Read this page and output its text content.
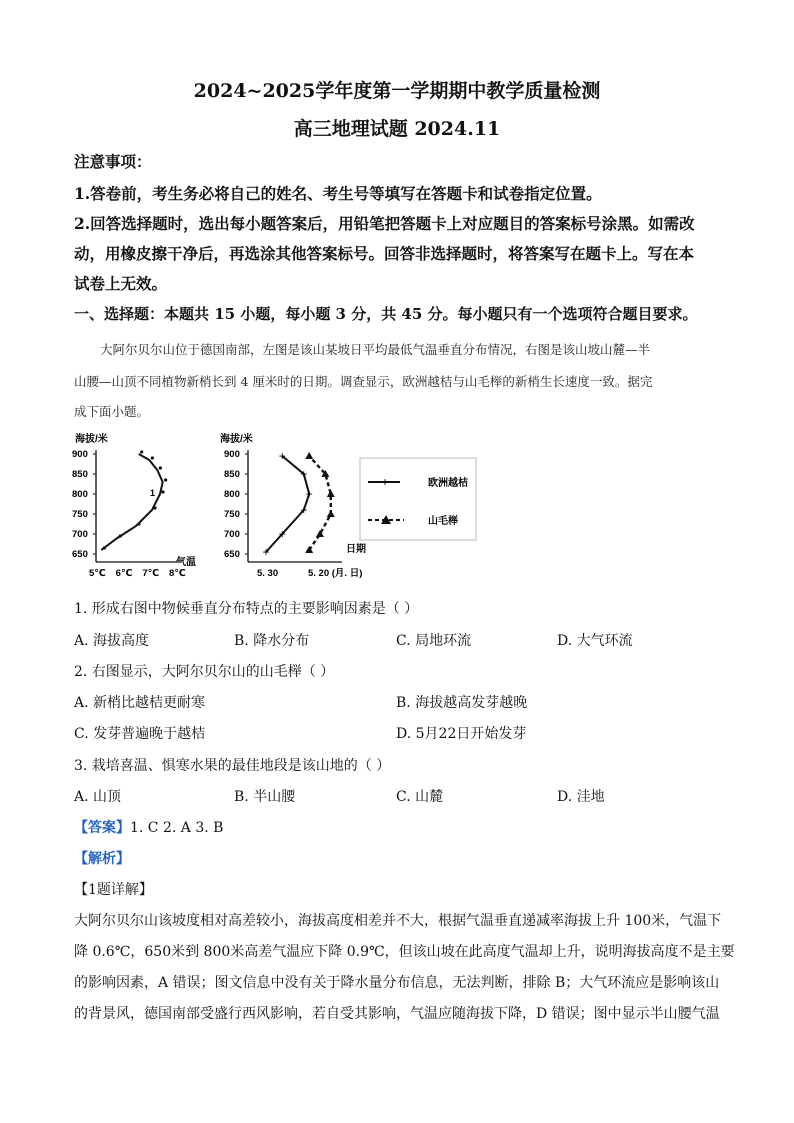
2024~2025学年度第一学期期中教学质量检测
高三地理试题 2024.11
注意事项：
1.答卷前，考生务必将自己的姓名、考生号等填写在答题卡和试卷指定位置。
2.回答选择题时，选出每小题答案后，用铅笔把答题卡上对应题目的答案标号涂黑。如需改
动，用橡皮擦干净后，再选涂其他答案标号。回答非选择题时，将答案写在题卡上。写在本
试卷上无效。
一、选择题：本题共 15 小题，每小题 3 分，共 45 分。每小题只有一个选项符合题目要求。
大阿尔贝尔山位于德国南部，左图是该山某坡日平均最低气温垂直分布情况，右图是该山坡山麓—半
山腰—山顶不同植物新梢长到 4 厘米时的日期。调查显示，欧洲越桔与山毛榉的新梢生长速度一致。据完
成下面小题。
海拔/米
900
850
800
750
700
650
5℃ 6℃ 7℃ 8℃
1
气温
海拔/米
900
850
800
750
700
650
5. 30	5. 20 (月. 日)
+
+
+
+
+
+
日期
+	欧洲越桔
山毛榉
1. 形成右图中物候垂直分布特点的主要影响因素是（ ）
A. 海拔高度	B. 降水分布	C. 局地环流	D. 大气环流
2. 右图显示，大阿尔贝尔山的山毛榉（ ）
A. 新梢比越桔更耐寒	B. 海拔越高发芽越晚
C. 发芽普遍晚于越桔	D. 5月22日开始发芽
3. 栽培喜温、惧寒水果的最佳地段是该山地的（ ）
A. 山顶	B. 半山腰	C. 山麓	D. 洼地
【答案】1. C 2. A 3. B
【解析】
【1题详解】
大阿尔贝尔山该坡度相对高差较小，海拔高度相差并不大，根据气温垂直递减率海拔上升 100米，气温下
降 0.6℃，650米到 800米高差气温应下降 0.9℃，但该山坡在此高度气温却上升，说明海拔高度不是主要
的影响因素，A 错误；图文信息中没有关于降水量分布信息，无法判断，排除 B；大气环流应是影响该山
的背景风，德国南部受盛行西风影响，若自受其影响，气温应随海拔下降，D 错误；图中显示半山腰气温
